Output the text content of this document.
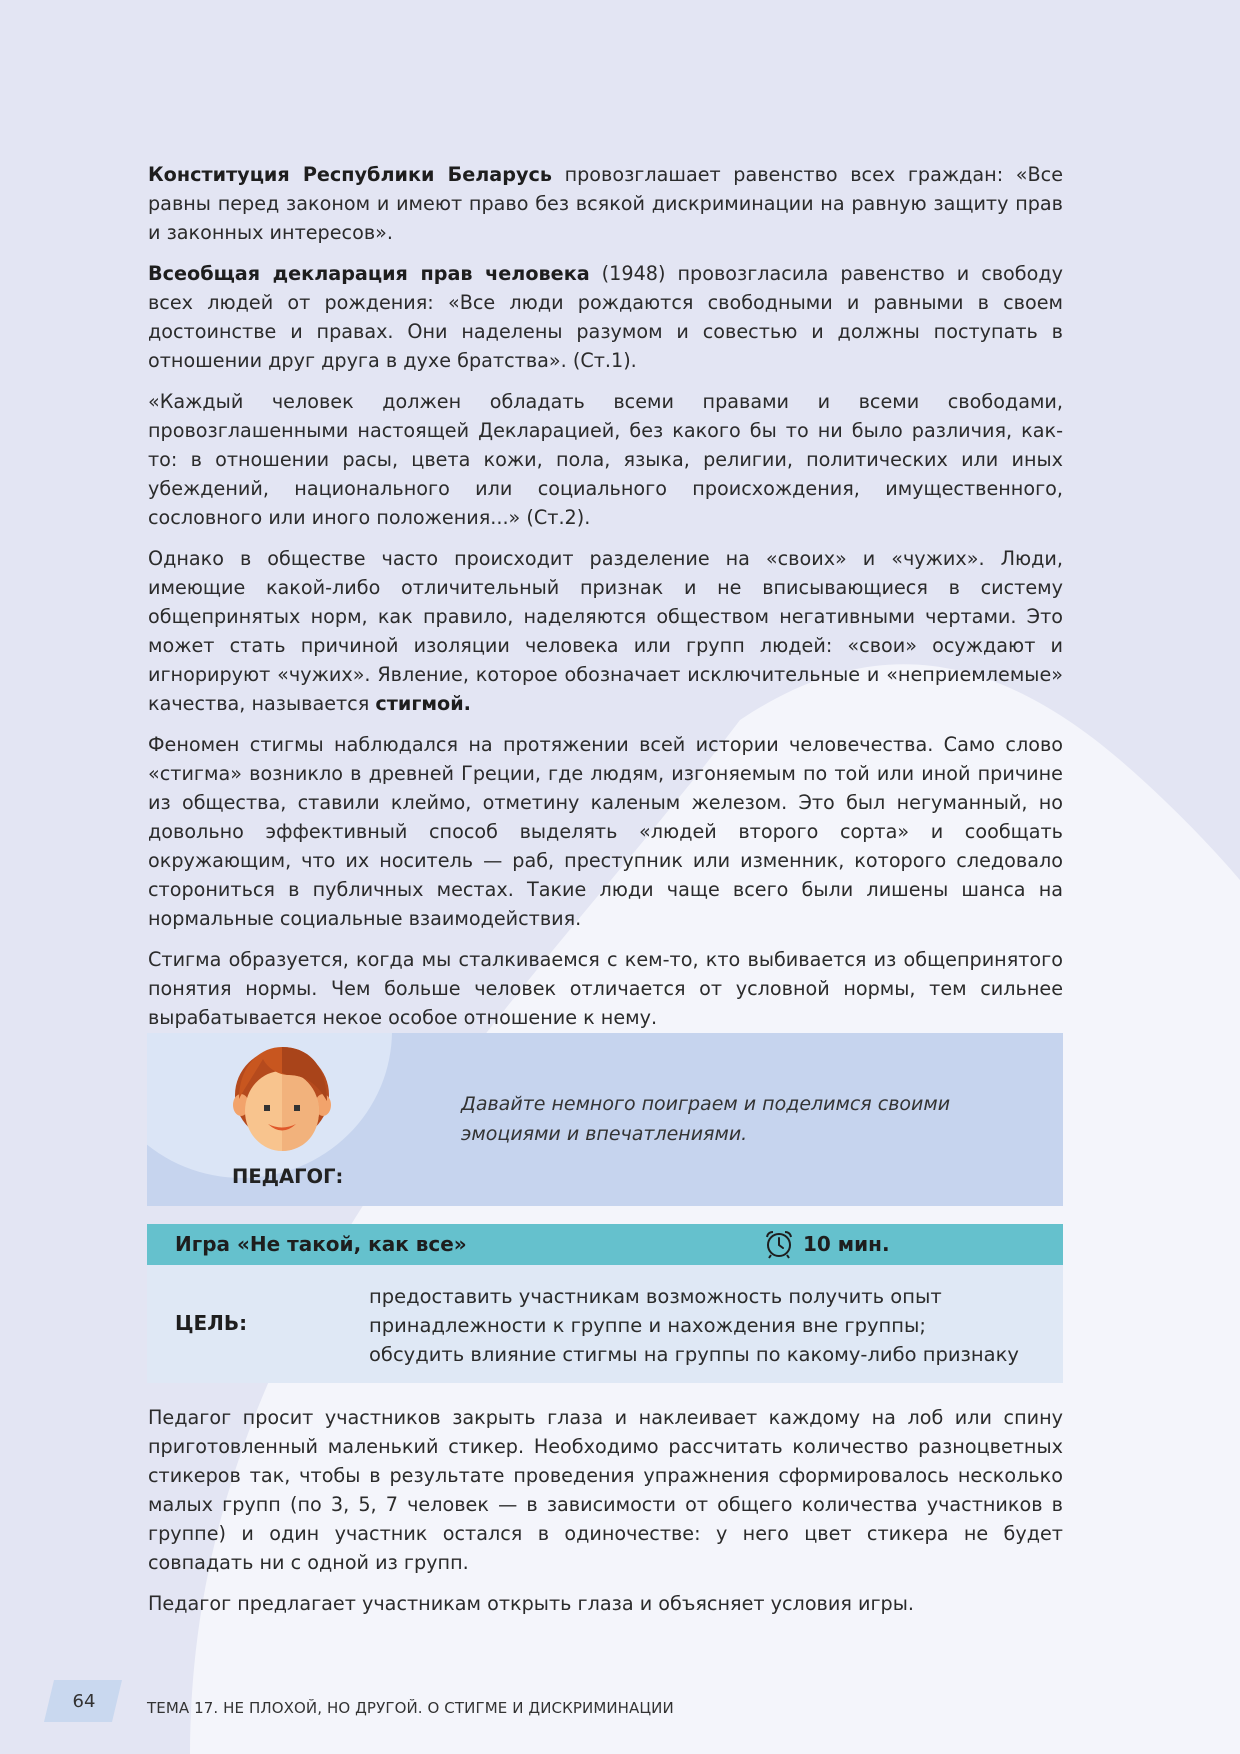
Конституция Республики Беларусь провозглашает равенство всех граждан: «Все равны перед законом и имеют право без всякой дискриминации на равную защиту прав и законных интересов».

Всеобщая декларация прав человека (1948) провозгласила равенство и свободу всех людей от рождения: «Все люди рождаются свободными и равными в своем достоинстве и правах. Они наделены разумом и совестью и должны поступать в отношении друг друга в духе братства». (Ст.1).

«Каждый человек должен обладать всеми правами и всеми свободами, провозглашенными настоящей Декларацией, без какого бы то ни было различия, как-то: в отношении расы, цвета кожи, пола, языка, религии, политических или иных убеждений, национального или социального происхождения, имущественного, сословного или иного положения...» (Ст.2).

Однако в обществе часто происходит разделение на «своих» и «чужих». Люди, имеющие какой-либо отличительный признак и не вписывающиеся в систему общепринятых норм, как правило, наделяются обществом негативными чертами. Это может стать причиной изоляции человека или групп людей: «свои» осуждают и игнорируют «чужих». Явление, которое обозначает исключительные и «неприемлемые» качества, называется стигмой.

Феномен стигмы наблюдался на протяжении всей истории человечества. Само слово «стигма» возникло в древней Греции, где людям, изгоняемым по той или иной причине из общества, ставили клеймо, отметину каленым железом. Это был негуманный, но довольно эффективный способ выделять «людей второго сорта» и сообщать окружающим, что их носитель — раб, преступник или изменник, которого следовало сторониться в публичных местах. Такие люди чаще всего были лишены шанса на нормальные социальные взаимодействия.

Стигма образуется, когда мы сталкиваемся с кем-то, кто выбивается из общепринятого понятия нормы. Чем больше человек отличается от условной нормы, тем сильнее вырабатывается некое особое отношение к нему.

ПЕДАГОГ:
Давайте немного поиграем и поделимся своими
эмоциями и впечатлениями.
Игра «Не такой, как все»	10 мин.
ЦЕЛЬ:
предоставить участникам возможность получить опыт
принадлежности к группе и нахождения вне группы;
обсудить влияние стигмы на группы по какому-либо признаку

Педагог просит участников закрыть глаза и наклеивает каждому на лоб или спину приготовленный маленький стикер. Необходимо рассчитать количество разноцветных стикеров так, чтобы в результате проведения упражнения сформировалось несколько малых групп (по 3, 5, 7 человек — в зависимости от общего количества участников в группе) и один участник остался в одиночестве: у него цвет стикера не будет совпадать ни с одной из групп.

Педагог предлагает участникам открыть глаза и объясняет условия игры.

64	ТЕМА 17. НЕ ПЛОХОЙ, НО ДРУГОЙ. О СТИГМЕ И ДИСКРИМИНАЦИИ
